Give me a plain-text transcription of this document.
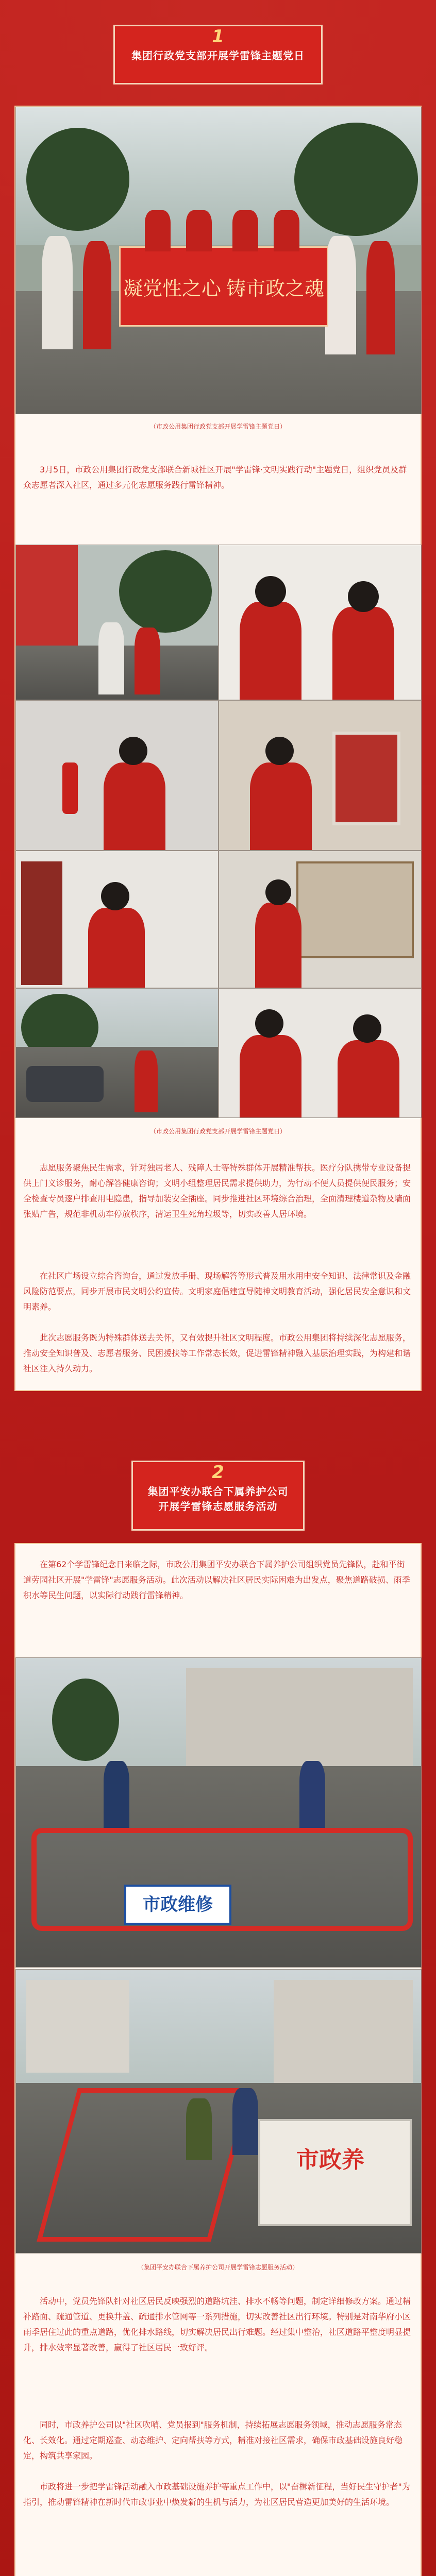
1
集团行政党支部开展学雷锋主题党日
凝党性之心 铸市政之魂
（市政公用集团行政党支部开展学雷锋主题党日）
3月5日，市政公用集团行政党支部联合新城社区开展"学雷锋·文明实践行动"主题党日，组织党员及群众志愿者深入社区，通过多元化志愿服务践行雷锋精神。
（市政公用集团行政党支部开展学雷锋主题党日）
志愿服务聚焦民生需求，针对独居老人、残障人士等特殊群体开展精准帮扶。医疗分队携带专业设备提供上门义诊服务，耐心解答健康咨询；文明小组整理居民需求提供助力，为行动不便人员提供便民服务；安全检查专员逐户排查用电隐患，指导加装安全插座。同步推进社区环境综合治理，全面清理楼道杂物及墙面张贴广告，规范非机动车停放秩序，清运卫生死角垃圾等，切实改善人居环境。
在社区广场设立综合咨询台，通过发放手册、现场解答等形式普及用水用电安全知识、法律常识及金融风险防范要点，同步开展市民文明公约宣传。文明家庭倡建宣导随神文明教育活动，强化居民安全意识和文明素养。
此次志愿服务既为特殊群体送去关怀，又有效提升社区文明程度。市政公用集团将持续深化志愿服务，推动安全知识普及、志愿者服务、民困援扶等工作常态长效，促进雷锋精神融入基层治理实践，为构建和谐社区注入持久动力。
2
集团平安办联合下属养护公司
开展学雷锋志愿服务活动
在第62个学雷锋纪念日来临之际，市政公用集团平安办联合下属养护公司组织党员先锋队，赴和平街道劳园社区开展"学雷锋"志愿服务活动。此次活动以解决社区居民实际困难为出发点，聚焦道路破损、雨季积水等民生问题，以实际行动践行雷锋精神。
市政维修
市政养
（集团平安办联合下属养护公司开展学雷锋志愿服务活动）
活动中，党员先锋队针对社区居民反映强烈的道路坑洼、排水不畅等问题，制定详细修改方案。通过精补路面、疏通管道、更换井盖、疏通排水管网等一系列措施，切实改善社区出行环境。特别是对南华府小区雨季居住过此的重点道路，优化排水路线，切实解决居民出行难题。经过集中整治，社区道路平整度明显提升，排水效率显著改善，赢得了社区居民一致好评。
同时，市政养护公司以"社区吹哨、党员报到"服务机制，持续拓展志愿服务领域，推动志愿服务常态化、长效化。通过定期巡查、动态维护、定向帮扶等方式，精准对接社区需求，确保市政基础设施良好稳定，构筑共享家园。
市政将进一步把学雷锋活动融入市政基础设施养护等重点工作中，以"奋楫新征程，当好民生守护者"为指引，推动雷锋精神在新时代市政事业中焕发新的生机与活力，为社区居民营造更加美好的生活环境。
